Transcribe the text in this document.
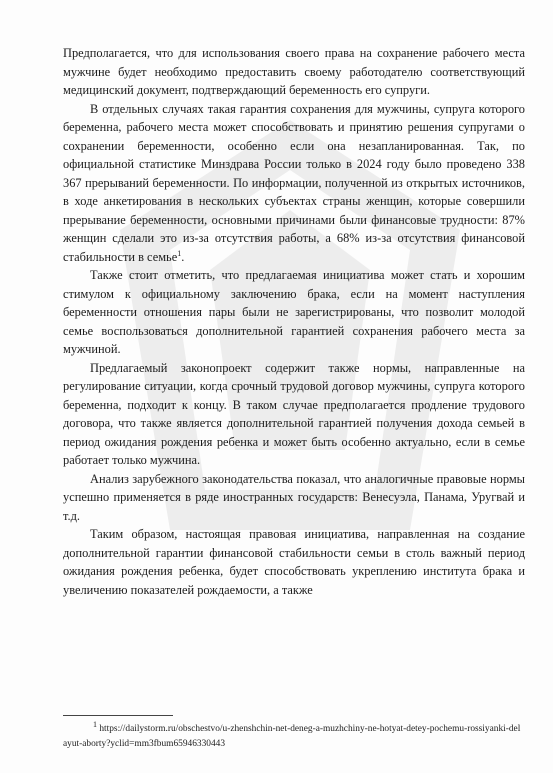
Предполагается, что для использования своего права на сохранение рабочего места мужчине будет необходимо предоставить своему работодателю соответствующий медицинский документ, подтверждающий беременность его супруги.

В отдельных случаях такая гарантия сохранения для мужчины, супруга которого беременна, рабочего места может способствовать и принятию решения супругами о сохранении беременности, особенно если она незапланированная. Так, по официальной статистике Минздрава России только в 2024 году было проведено 338 367 прерываний беременности. По информации, полученной из открытых источников, в ходе анкетирования в нескольких субъектах страны женщин, которые совершили прерывание беременности, основными причинами были финансовые трудности: 87% женщин сделали это из-за отсутствия работы, а 68% из-за отсутствия финансовой стабильности в семье$^1$.

Также стоит отметить, что предлагаемая инициатива может стать и хорошим стимулом к официальному заключению брака, если на момент наступления беременности отношения пары были не зарегистрированы, что позволит молодой семье воспользоваться дополнительной гарантией сохранения рабочего места за мужчиной.

Предлагаемый законопроект содержит также нормы, направленные на регулирование ситуации, когда срочный трудовой договор мужчины, супруга которого беременна, подходит к концу. В таком случае предполагается продление трудового договора, что также является дополнительной гарантией получения дохода семьей в период ожидания рождения ребенка и может быть особенно актуально, если в семье работает только мужчина.

Анализ зарубежного законодательства показал, что аналогичные правовые нормы успешно применяется в ряде иностранных государств: Венесуэла, Панама, Уругвай и т.д.

Таким образом, настоящая правовая инициатива, направленная на создание дополнительной гарантии финансовой стабильности семьи в столь важный период ожидания рождения ребенка, будет способствовать укреплению института брака и увеличению показателей рождаемости, а также

$^1$ https://dailystorm.ru/obschestvo/u-zhenshchin-net-deneg-a-muzhchiny-ne-hotyat-detey-pochemu-rossiyanki-delayut-aborty?yclid=mm3fbum65946330443
